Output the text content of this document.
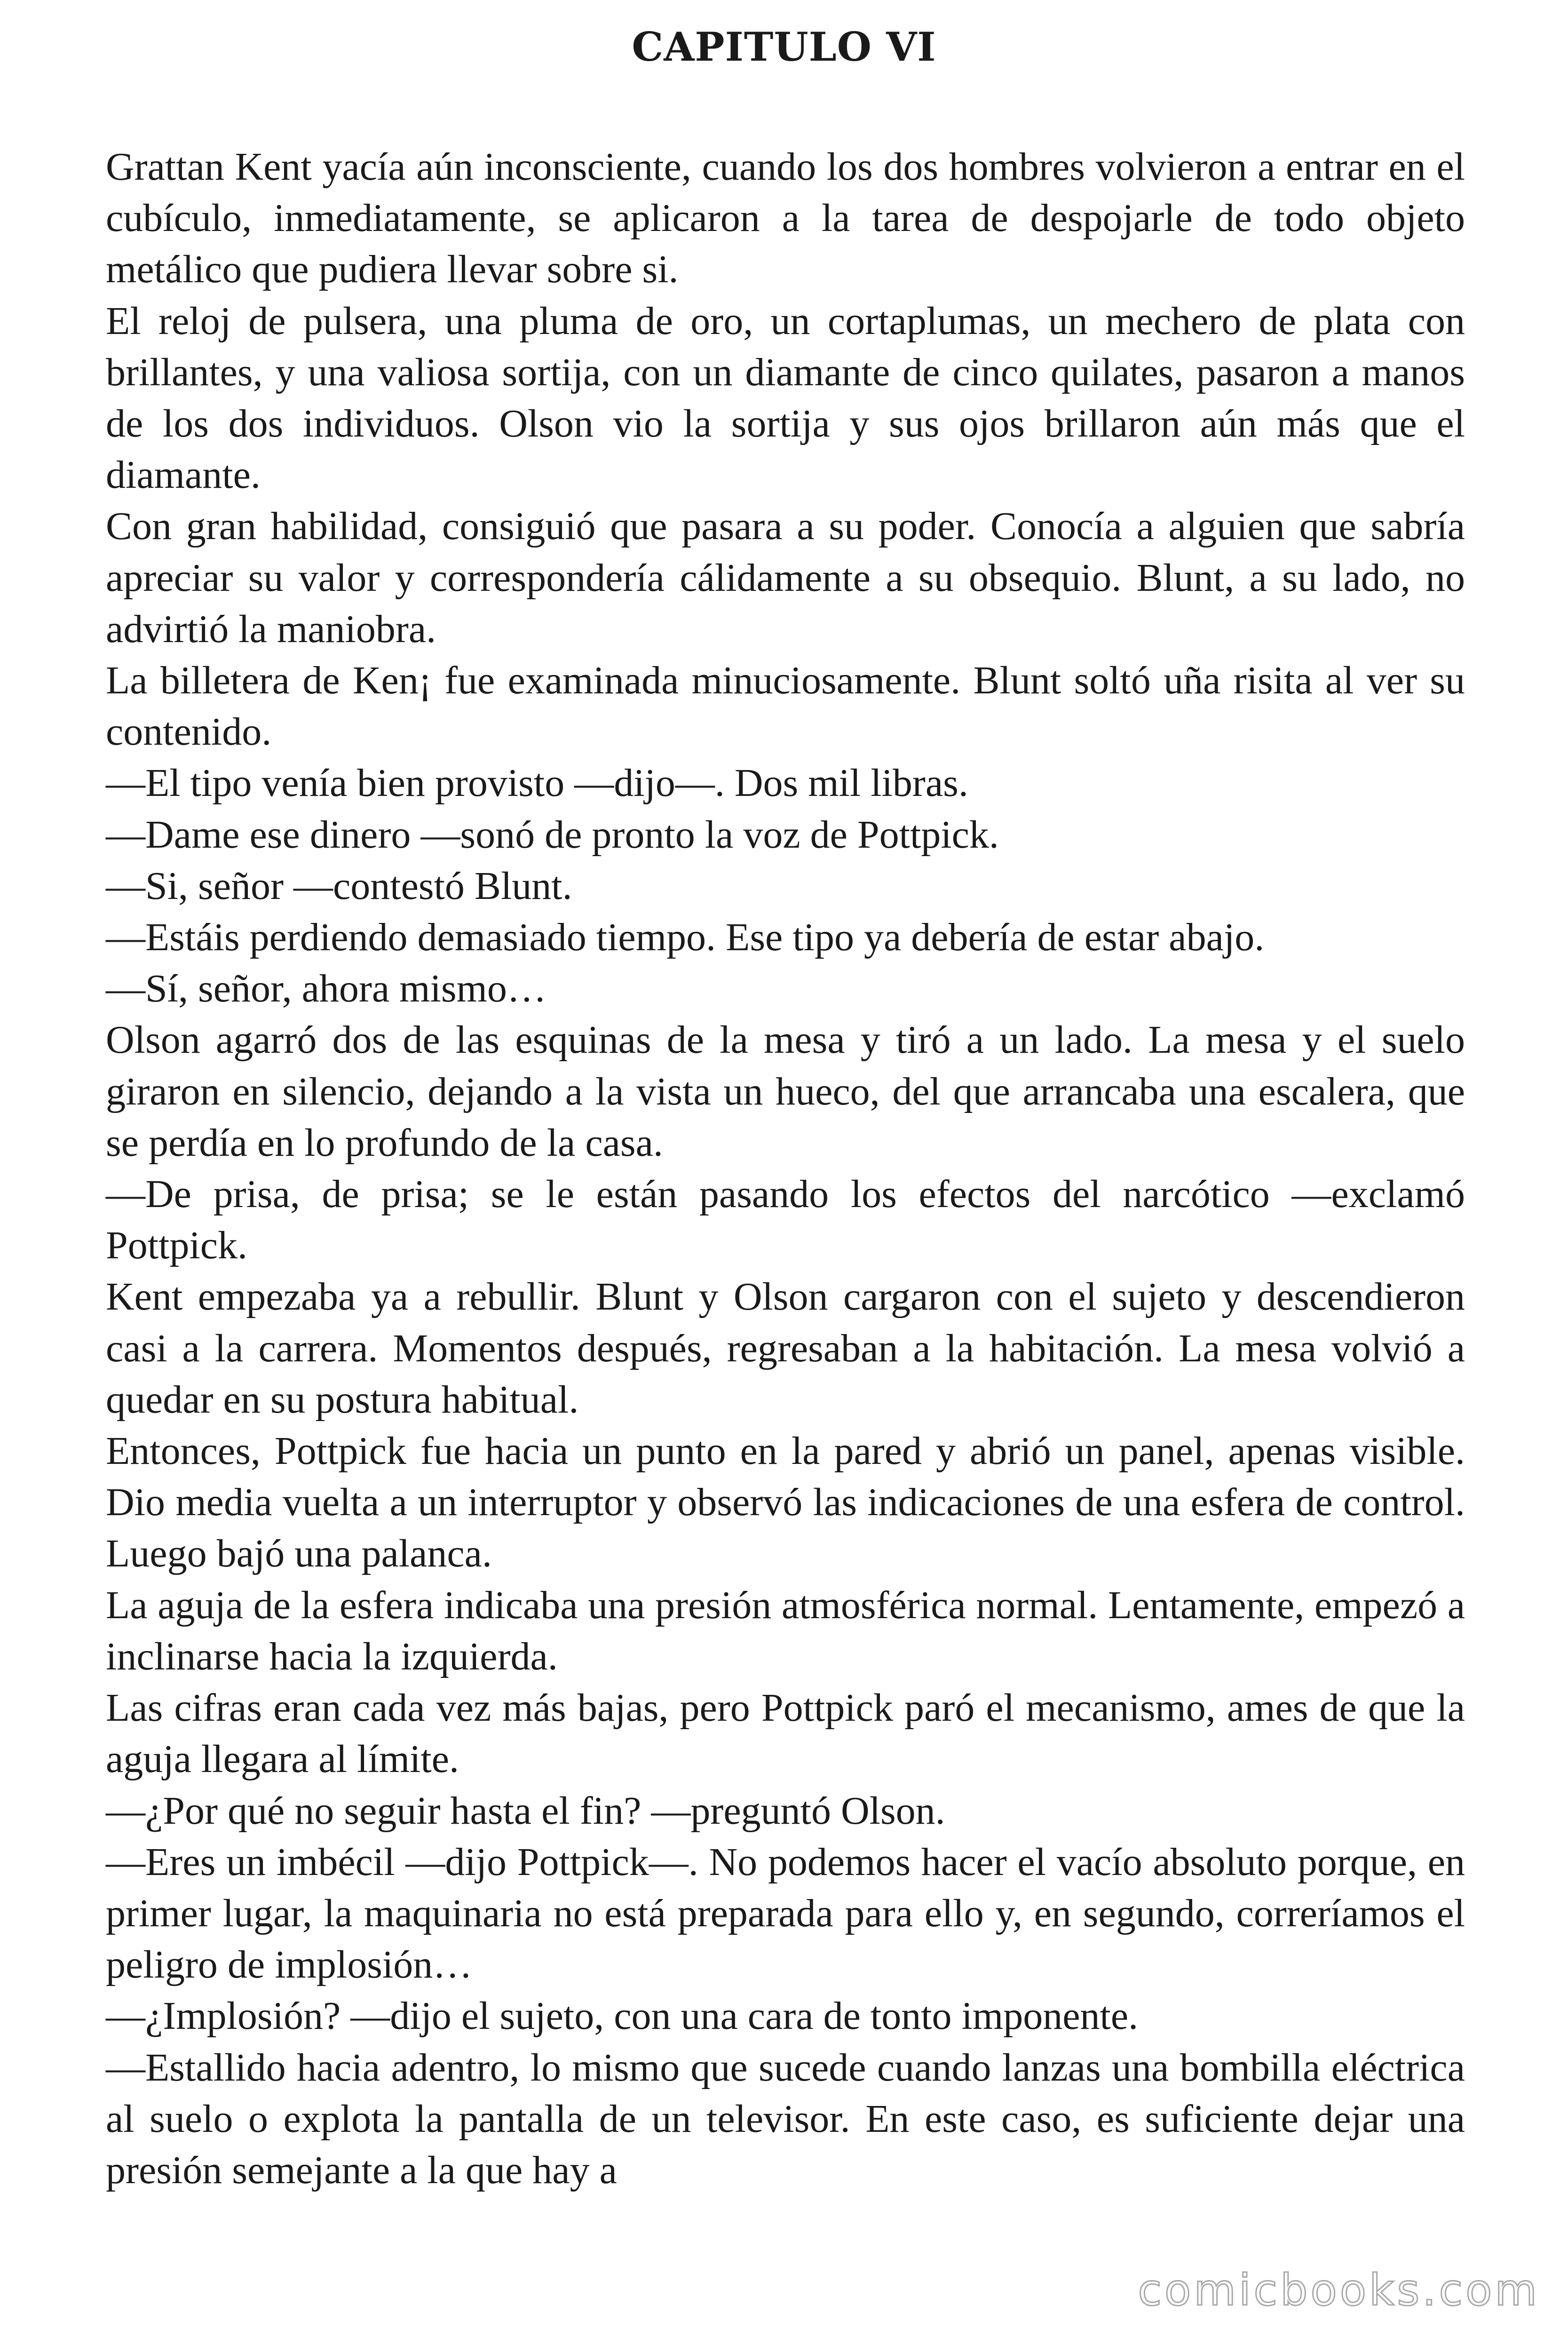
CAPITULO VI

Grattan Kent yacía aún inconsciente, cuando los dos hombres volvieron a entrar en el cubículo, inmediatamente, se aplicaron a la tarea de despojarle de todo objeto metálico que pudiera llevar sobre si.

El reloj de pulsera, una pluma de oro, un cortaplumas, un mechero de plata con brillantes, y una valiosa sortija, con un diamante de cinco quilates, pasaron a manos de los dos individuos. Olson vio la sortija y sus ojos brillaron aún más que el diamante.

Con gran habilidad, consiguió que pasara a su poder. Conocía a alguien que sabría apreciar su valor y correspondería cálidamente a su obsequio. Blunt, a su lado, no advirtió la maniobra.

La billetera de Ken¡ fue examinada minuciosamente. Blunt soltó uña risita al ver su contenido.

—El tipo venía bien provisto —dijo—. Dos mil libras.

—Dame ese dinero —sonó de pronto la voz de Pottpick.

—Si, señor —contestó Blunt.

—Estáis perdiendo demasiado tiempo. Ese tipo ya debería de estar abajo.

—Sí, señor, ahora mismo…

Olson agarró dos de las esquinas de la mesa y tiró a un lado. La mesa y el suelo giraron en silencio, dejando a la vista un hueco, del que arrancaba una escalera, que se perdía en lo profundo de la casa.

—De prisa, de prisa; se le están pasando los efectos del narcótico —exclamó Pottpick.

Kent empezaba ya a rebullir. Blunt y Olson cargaron con el sujeto y descendieron casi a la carrera. Momentos después, regresaban a la habitación. La mesa volvió a quedar en su postura habitual.

Entonces, Pottpick fue hacia un punto en la pared y abrió un panel, apenas visible. Dio media vuelta a un interruptor y observó las indicaciones de una esfera de control. Luego bajó una palanca.

La aguja de la esfera indicaba una presión atmosférica normal. Lentamente, empezó a inclinarse hacia la izquierda.

Las cifras eran cada vez más bajas, pero Pottpick paró el mecanismo, ames de que la aguja llegara al límite.

—¿Por qué no seguir hasta el fin? —preguntó Olson.

—Eres un imbécil —dijo Pottpick—. No podemos hacer el vacío absoluto porque, en primer lugar, la maquinaria no está preparada para ello y, en segundo, correríamos el peligro de implosión…

—¿Implosión? —dijo el sujeto, con una cara de tonto imponente.

—Estallido hacia adentro, lo mismo que sucede cuando lanzas una bombilla eléctrica al suelo o explota la pantalla de un televisor. En este caso, es suficiente dejar una presión semejante a la que hay a

comicbooks.com
